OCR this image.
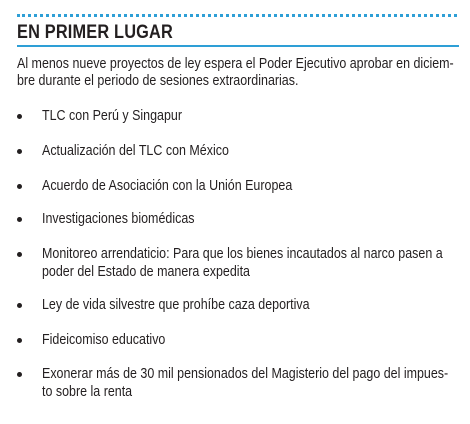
EN PRIMER LUGAR

Al menos nueve proyectos de ley espera el Poder Ejecutivo aprobar en diciem-
bre durante el periodo de sesiones extraordinarias.

TLC con Perú y Singapur
Actualización del TLC con México
Acuerdo de Asociación con la Unión Europea
Investigaciones biomédicas
Monitoreo arrendaticio: Para que los bienes incautados al narco pasen a
poder del Estado de manera expedita
Ley de vida silvestre que prohíbe caza deportiva
Fideicomiso educativo
Exonerar más de 30 mil pensionados del Magisterio del pago del impues-
to sobre la renta
